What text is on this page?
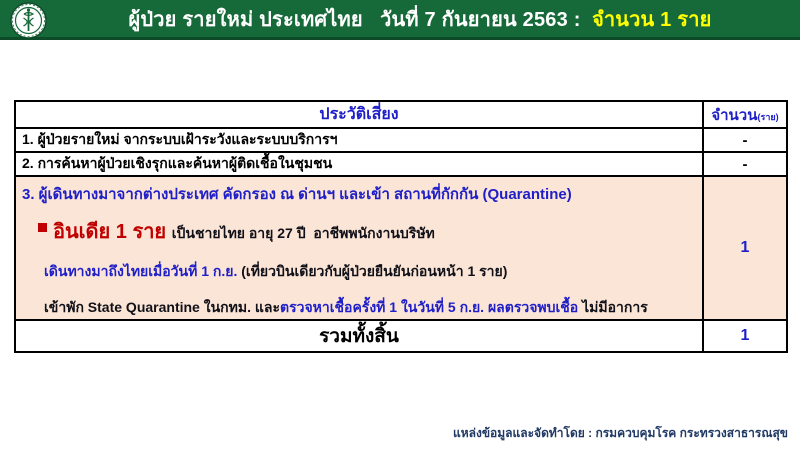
ผู้ป่วย รายใหม่ ประเทศไทย   วันที่ 7 กันยายน 2563 :  จำนวน 1 ราย
ประวัติเสี่ยง	จำนวน(ราย)
1. ผู้ป่วยรายใหม่ จากระบบเฝ้าระวังและระบบบริการฯ	-
2. การค้นหาผู้ป่วยเชิงรุกและค้นหาผู้ติดเชื้อในชุมชน	-

3. ผู้เดินทางมาจากต่างประเทศ คัดกรอง ณ ด่านฯ และเข้า สถานที่กักกัน (Quarantine)
อินเดีย 1 ราย เป็นชายไทย อายุ 27 ปี  อาชีพพนักงานบริษัท
เดินทางมาถึงไทยเมื่อวันที่ 1 ก.ย. (เที่ยวบินเดียวกับผู้ป่วยยืนยันก่อนหน้า 1 ราย)
เข้าพัก State Quarantine ในกทม. และตรวจหาเชื้อครั้งที่ 1 ในวันที่ 5 ก.ย. ผลตรวจพบเชื้อ ไม่มีอาการ	1
รวมทั้งสิ้น	1
แหล่งข้อมูลและจัดทำโดย : กรมควบคุมโรค กระทรวงสาธารณสุข
